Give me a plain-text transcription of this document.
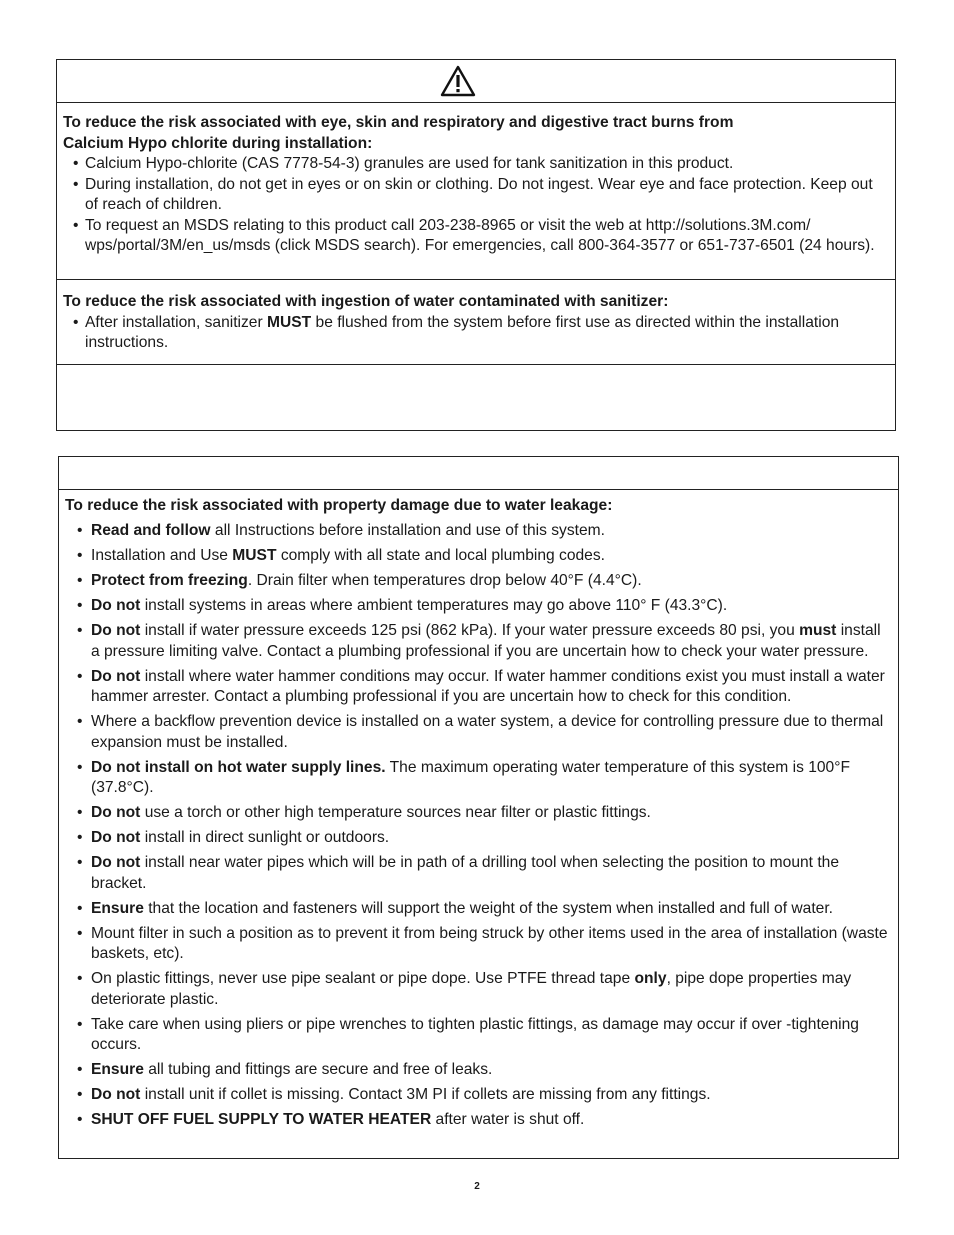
To reduce the risk associated with eye, skin and respiratory and digestive tract burns from
Calcium Hypo chlorite during installation:
• Calcium Hypo-chlorite (CAS 7778-54-3) granules are used for tank sanitization in this product.
• During installation, do not get in eyes or on skin or clothing. Do not ingest. Wear eye and face protection. Keep out of reach of children.
• To request an MSDS relating to this product call 203-238-8965 or visit the web at http://solutions.3M.com/ wps/portal/3M/en_us/msds (click MSDS search). For emergencies, call 800-364-3577 or 651-737-6501 (24 hours).
To reduce the risk associated with ingestion of water contaminated with sanitizer:
• After installation, sanitizer MUST be flushed from the system before first use as directed within the installation instructions.
To reduce the risk associated with property damage due to water leakage:
• Read and follow all Instructions before installation and use of this system.
• Installation and Use MUST comply with all state and local plumbing codes.
• Protect from freezing. Drain filter when temperatures drop below 40°F (4.4°C).
• Do not install systems in areas where ambient temperatures may go above 110° F (43.3°C).
• Do not install if water pressure exceeds 125 psi (862 kPa). If your water pressure exceeds 80 psi, you must install a pressure limiting valve. Contact a plumbing professional if you are uncertain how to check your water pressure.
• Do not install where water hammer conditions may occur. If water hammer conditions exist you must install a water hammer arrester. Contact a plumbing professional if you are uncertain how to check for this condition.
• Where a backflow prevention device is installed on a water system, a device for controlling pressure due to thermal expansion must be installed.
• Do not install on hot water supply lines. The maximum operating water temperature of this system is 100°F (37.8°C).
• Do not use a torch or other high temperature sources near filter or plastic fittings.
• Do not install in direct sunlight or outdoors.
• Do not install near water pipes which will be in path of a drilling tool when selecting the position to mount the bracket.
• Ensure that the location and fasteners will support the weight of the system when installed and full of water.
• Mount filter in such a position as to prevent it from being struck by other items used in the area of installation (waste baskets, etc).
• On plastic fittings, never use pipe sealant or pipe dope. Use PTFE thread tape only, pipe dope properties may deteriorate plastic.
• Take care when using pliers or pipe wrenches to tighten plastic fittings, as damage may occur if over -tightening occurs.
• Ensure all tubing and fittings are secure and free of leaks.
• Do not install unit if collet is missing. Contact 3M PI if collets are missing from any fittings.
• SHUT OFF FUEL SUPPLY TO WATER HEATER after water is shut off.
2
